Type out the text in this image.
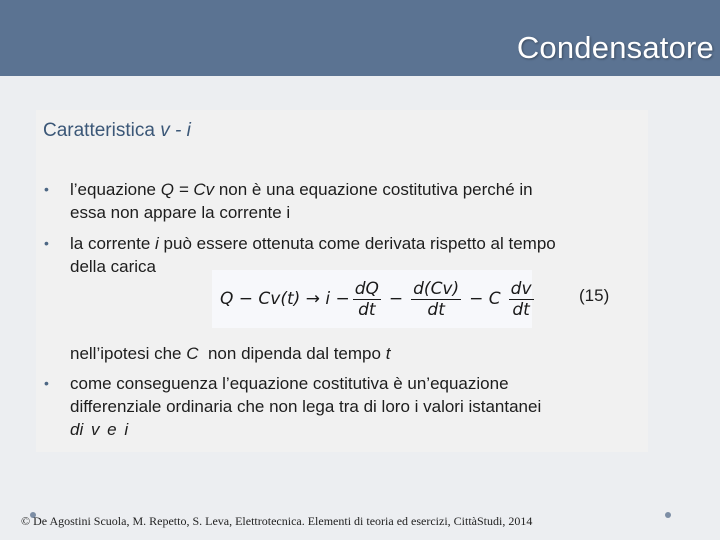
Condensatore
Caratteristica v - i
• l’equazione Q = Cv non è una equazione costitutiva perché in
essa non appare la corrente i
• la corrente i può essere ottenuta come derivata rispetto al tempo
della carica
$Q - Cv(t) \to i - \frac{dQ}{dt} - \frac{d(Cv)}{dt} - C \frac{dv}{dt}$	(15)
nell’ipotesi che C  non dipenda dal tempo t
• come conseguenza l’equazione costitutiva è un’equazione
differenziale ordinaria che non lega tra di loro i valori istantanei
di v e i
© De Agostini Scuola, M. Repetto, S. Leva, Elettrotecnica. Elementi di teoria ed esercizi, CittàStudi, 2014
